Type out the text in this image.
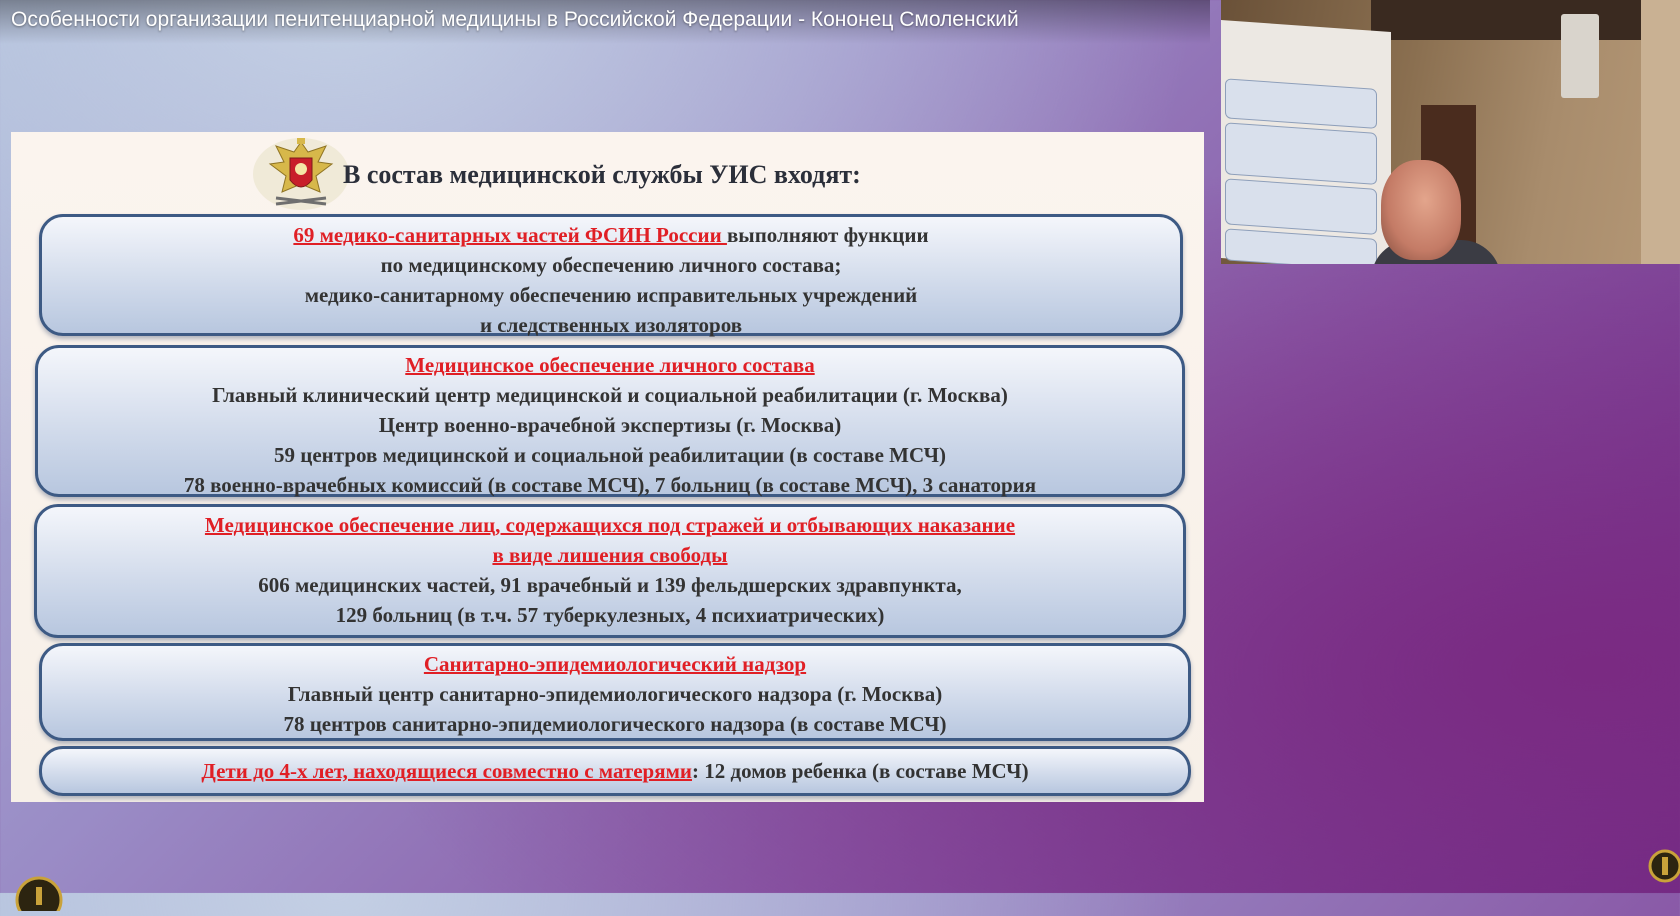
Особенности организации пенитенциарной медицины в Российской Федерации - Кононец Смоленский
В состав медицинской службы УИС входят:
69 медико-санитарных частей ФСИН России выполняют функции
по медицинскому обеспечению личного состава;
медико-санитарному обеспечению исправительных учреждений
и следственных изоляторов
Медицинское обеспечение личного состава
Главный клинический центр медицинской и социальной реабилитации (г. Москва)
Центр военно-врачебной экспертизы (г. Москва)
59 центров медицинской и социальной реабилитации (в составе МСЧ)
78 военно-врачебных комиссий (в составе МСЧ), 7 больниц (в составе МСЧ), 3 санатория
Медицинское обеспечение лиц, содержащихся под стражей и отбывающих наказание
в виде лишения свободы
606 медицинских частей, 91 врачебный и 139 фельдшерских здравпункта,
129 больниц (в т.ч. 57 туберкулезных, 4 психиатрических)
Санитарно-эпидемиологический надзор
Главный центр санитарно-эпидемиологического надзора (г. Москва)
78 центров санитарно-эпидемиологического надзора (в составе МСЧ)
Дети до 4-х лет, находящиеся совместно с матерями: 12 домов ребенка (в составе МСЧ)
